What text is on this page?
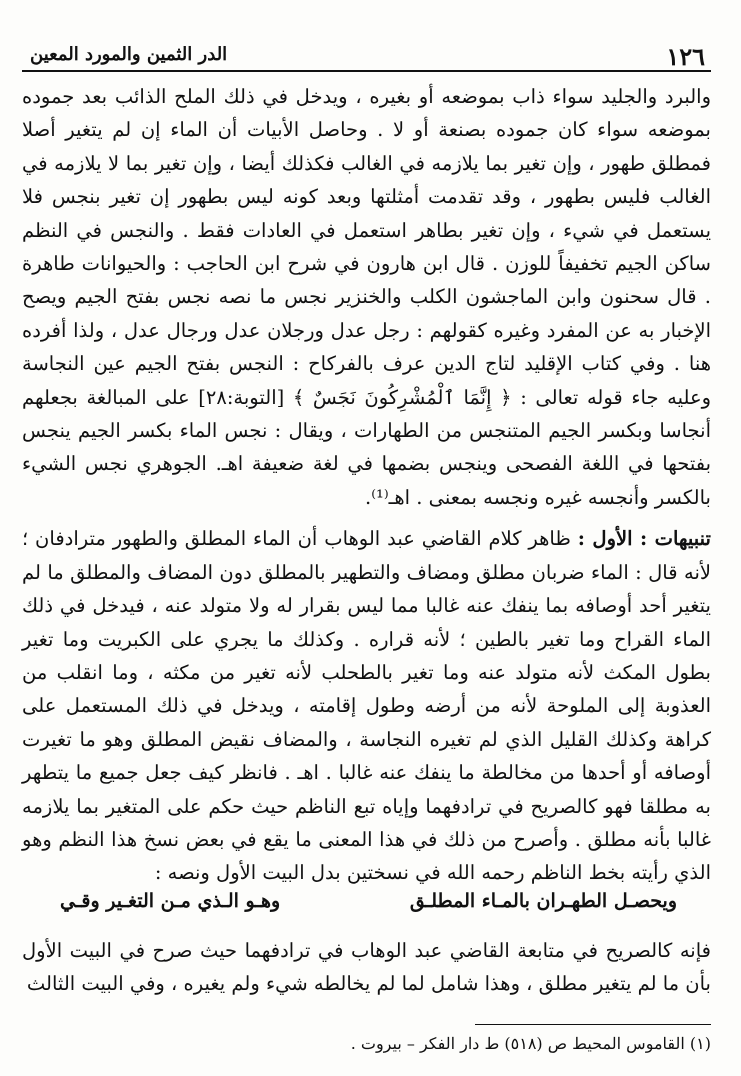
١٢٦
الدر الثمين والمورد المعين

والبرد والجليد سواء ذاب بموضعه أو بغيره ، ويدخل في ذلك الملح الذائب بعد جموده بموضعه سواء كان جموده بصنعة أو لا . وحاصل الأبيات أن الماء إن لم يتغير أصلا فمطلق طهور ، وإن تغير بما يلازمه في الغالب فكذلك أيضا ، وإن تغير بما لا يلازمه في الغالب فليس بطهور ، وقد تقدمت أمثلتها وبعد كونه ليس بطهور إن تغير بنجس فلا يستعمل في شيء ، وإن تغير بطاهر استعمل في العادات فقط . والنجس في النظم ساكن الجيم تخفيفاً للوزن . قال ابن هارون في شرح ابن الحاجب : والحيوانات طاهرة . قال سحنون وابن الماجشون الكلب والخنزير نجس ما نصه نجس بفتح الجيم ويصح الإخبار به عن المفرد وغيره كقولهم : رجل عدل ورجلان عدل ورجال عدل ، ولذا أفرده هنا . وفي كتاب الإقليد لتاج الدين عرف بالفركاح : النجس بفتح الجيم عين النجاسة وعليه جاء قوله تعالى : ﴿ إِنَّمَا ٱلْمُشْرِكُونَ نَجَسٌ ﴾ [التوبة:٢٨] على المبالغة بجعلهم أنجاسا وبكسر الجيم المتنجس من الطهارات ، ويقال : نجس الماء بكسر الجيم ينجس بفتحها في اللغة الفصحى وينجس بضمها في لغة ضعيفة اهـ. الجوهري نجس الشيء بالكسر وأنجسه غيره ونجسه بمعنى . اهـ⁽¹⁾.

تنبيهات : الأول : ظاهر كلام القاضي عبد الوهاب أن الماء المطلق والطهور مترادفان ؛ لأنه قال : الماء ضربان مطلق ومضاف والتطهير بالمطلق دون المضاف والمطلق ما لم يتغير أحد أوصافه بما ينفك عنه غالبا مما ليس بقرار له ولا متولد عنه ، فيدخل في ذلك الماء القراح وما تغير بالطين ؛ لأنه قراره . وكذلك ما يجري على الكبريت وما تغير بطول المكث لأنه متولد عنه وما تغير بالطحلب لأنه تغير من مكثه ، وما انقلب من العذوبة إلى الملوحة لأنه من أرضه وطول إقامته ، ويدخل في ذلك المستعمل على كراهة وكذلك القليل الذي لم تغيره النجاسة ، والمضاف نقيض المطلق وهو ما تغيرت أوصافه أو أحدها من مخالطة ما ينفك عنه غالبا . اهـ . فانظر كيف جعل جميع ما يتطهر به مطلقا فهو كالصريح في ترادفهما وإياه تبع الناظم حيث حكم على المتغير بما يلازمه غالبا بأنه مطلق . وأصرح من ذلك في هذا المعنى ما يقع في بعض نسخ هذا النظم وهو الذي رأيته بخط الناظم رحمه الله في نسختين بدل البيت الأول ونصه :

ويحصـل الطهـران بالمـاء المطلـق
وهـو الـذي مـن التغـير وقـي

فإنه كالصريح في متابعة القاضي عبد الوهاب في ترادفهما حيث صرح في البيت الأول بأن ما لم يتغير مطلق ، وهذا شامل لما لم يخالطه شيء ولم يغيره ، وفي البيت الثالث

(١) القاموس المحيط ص (٥١٨) ط دار الفكر – بيروت .
